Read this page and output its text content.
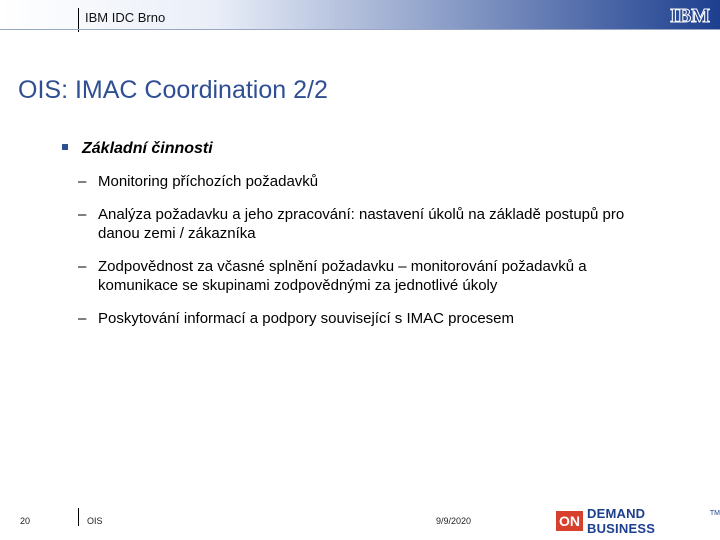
IBM IDC Brno	IBM
OIS: IMAC Coordination 2/2
Základní činnosti
– Monitoring příchozích požadavků
– Analýza požadavku a jeho zpracování: nastavení úkolů na základě postupů pro danou zemi / zákazníka
– Zodpovědnost za včasné splnění požadavku – monitorování požadavků a komunikace se skupinami zodpovědnými za jednotlivé úkoly
– Poskytování informací a podpory související s IMAC procesem
20	OIS	9/9/2020	ON DEMAND BUSINESS
TM
